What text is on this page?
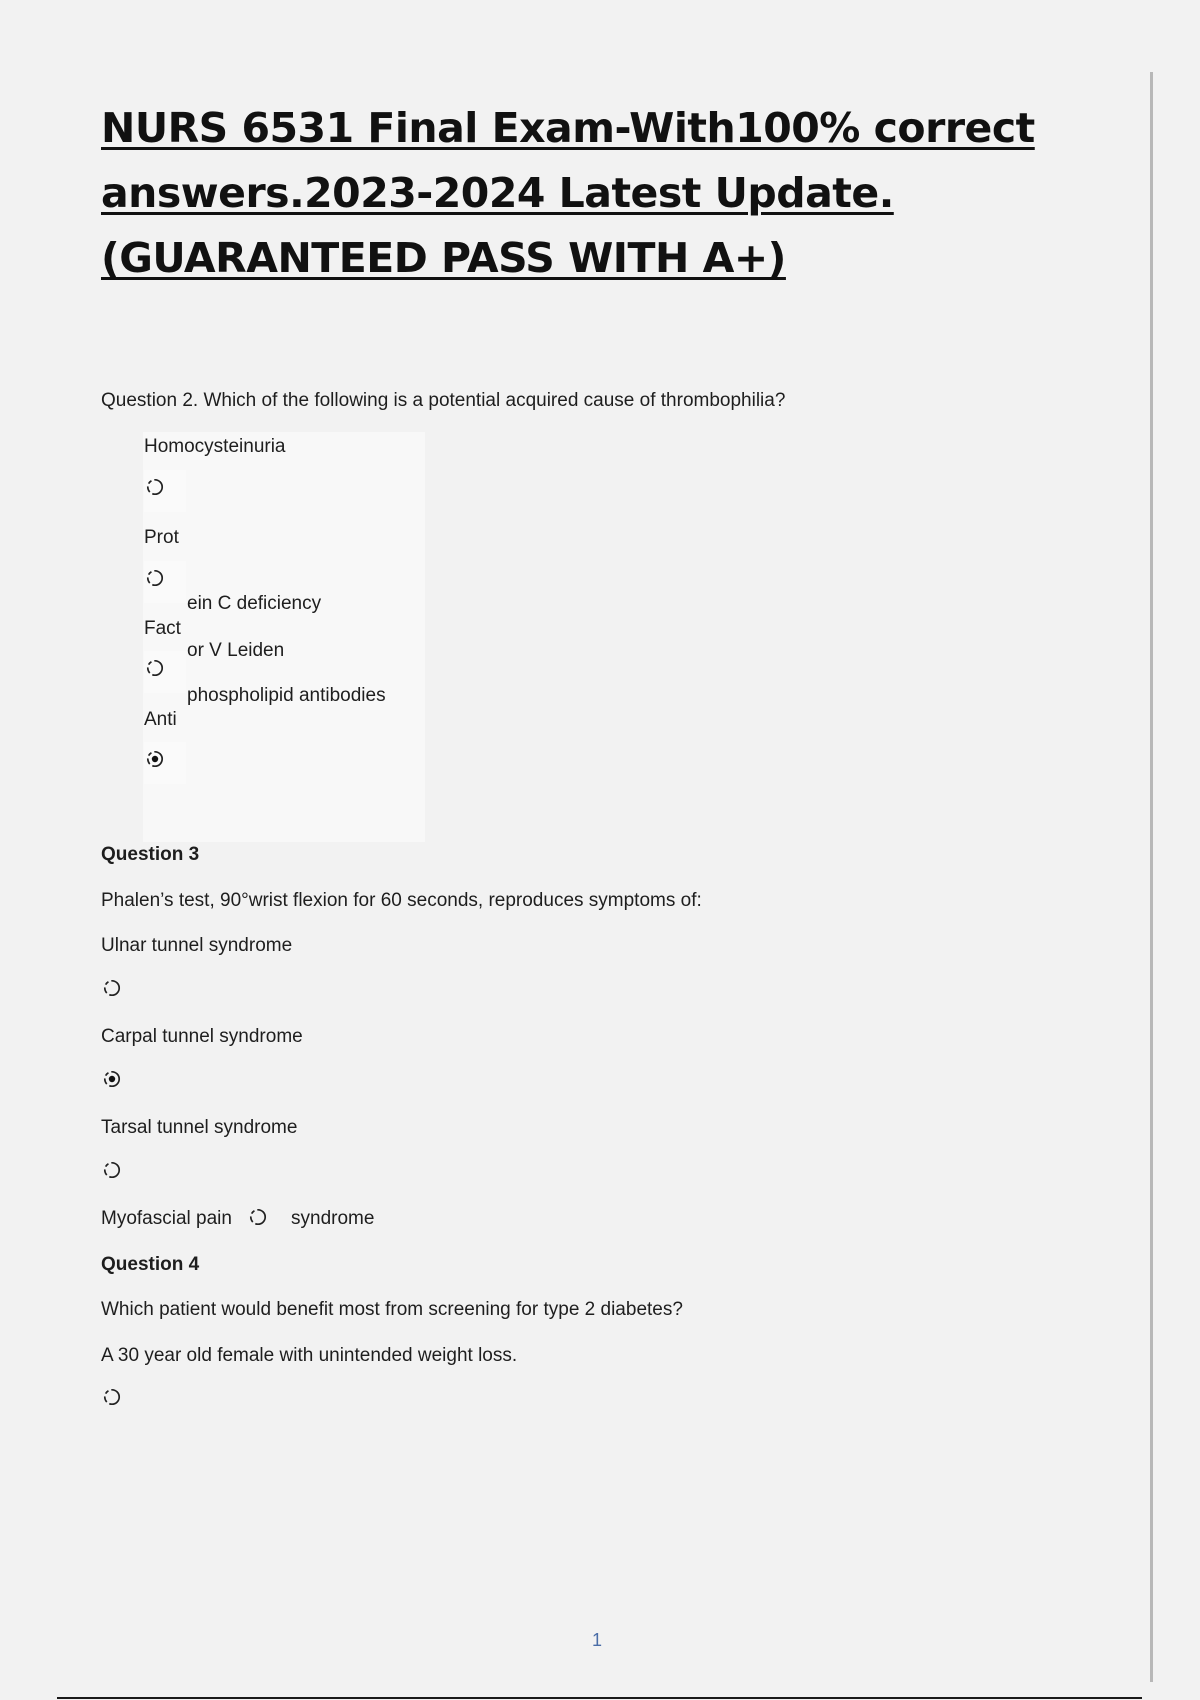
NURS 6531 Final Exam-With100% correct answers.2023-2024 Latest Update.(GUARANTEED PASS WITH A+)
Question 2. Which of the following is a potential acquired cause of thrombophilia?
Homocysteinuria
Prot
ein C deficiency
Fact
or V Leiden
phospholipid antibodies
Anti
Question 3
Phalen’s test, 90°wrist flexion for 60 seconds, reproduces symptoms of:
Ulnar tunnel syndrome
Carpal tunnel syndrome
Tarsal tunnel syndrome
Myofascial pain	syndrome
Question 4
Which patient would benefit most from screening for type 2 diabetes?
A 30 year old female with unintended weight loss.
1
